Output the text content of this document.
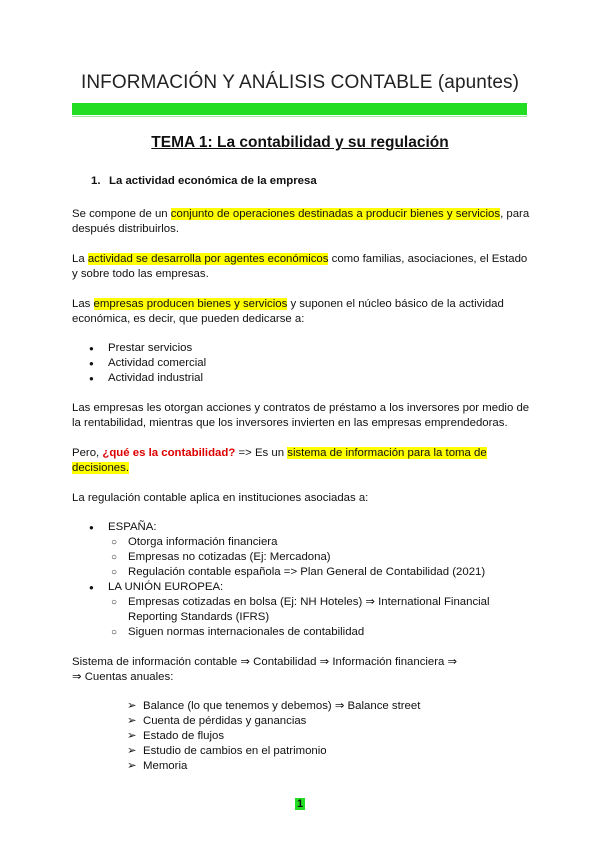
INFORMACIÓN Y ANÁLISIS CONTABLE (apuntes)
TEMA 1: La contabilidad y su regulación
1. La actividad económica de la empresa

Se compone de un conjunto de operaciones destinadas a producir bienes y servicios, para después distribuirlos.

La actividad se desarrolla por agentes económicos como familias, asociaciones, el Estado y sobre todo las empresas.

Las empresas producen bienes y servicios y suponen el núcleo básico de la actividad económica, es decir, que pueden dedicarse a:

● Prestar servicios
● Actividad comercial
● Actividad industrial

Las empresas les otorgan acciones y contratos de préstamo a los inversores por medio de la rentabilidad, mientras que los inversores invierten en las empresas emprendedoras.

Pero, ¿qué es la contabilidad? => Es un sistema de información para la toma de decisiones.

La regulación contable aplica en instituciones asociadas a:

● ESPAÑA:
○ Otorga información financiera
○ Empresas no cotizadas (Ej: Mercadona)
○ Regulación contable española => Plan General de Contabilidad (2021)
● LA UNIÓN EUROPEA:
○ Empresas cotizadas en bolsa (Ej: NH Hoteles) ⇒ International Financial Reporting Standards (IFRS)
○ Siguen normas internacionales de contabilidad

Sistema de información contable ⇒ Contabilidad ⇒ Información financiera ⇒
⇒ Cuentas anuales:

➢ Balance (lo que tenemos y debemos) ⇒ Balance street
➢ Cuenta de pérdidas y ganancias
➢ Estado de flujos
➢ Estudio de cambios en el patrimonio
➢ Memoria
1
